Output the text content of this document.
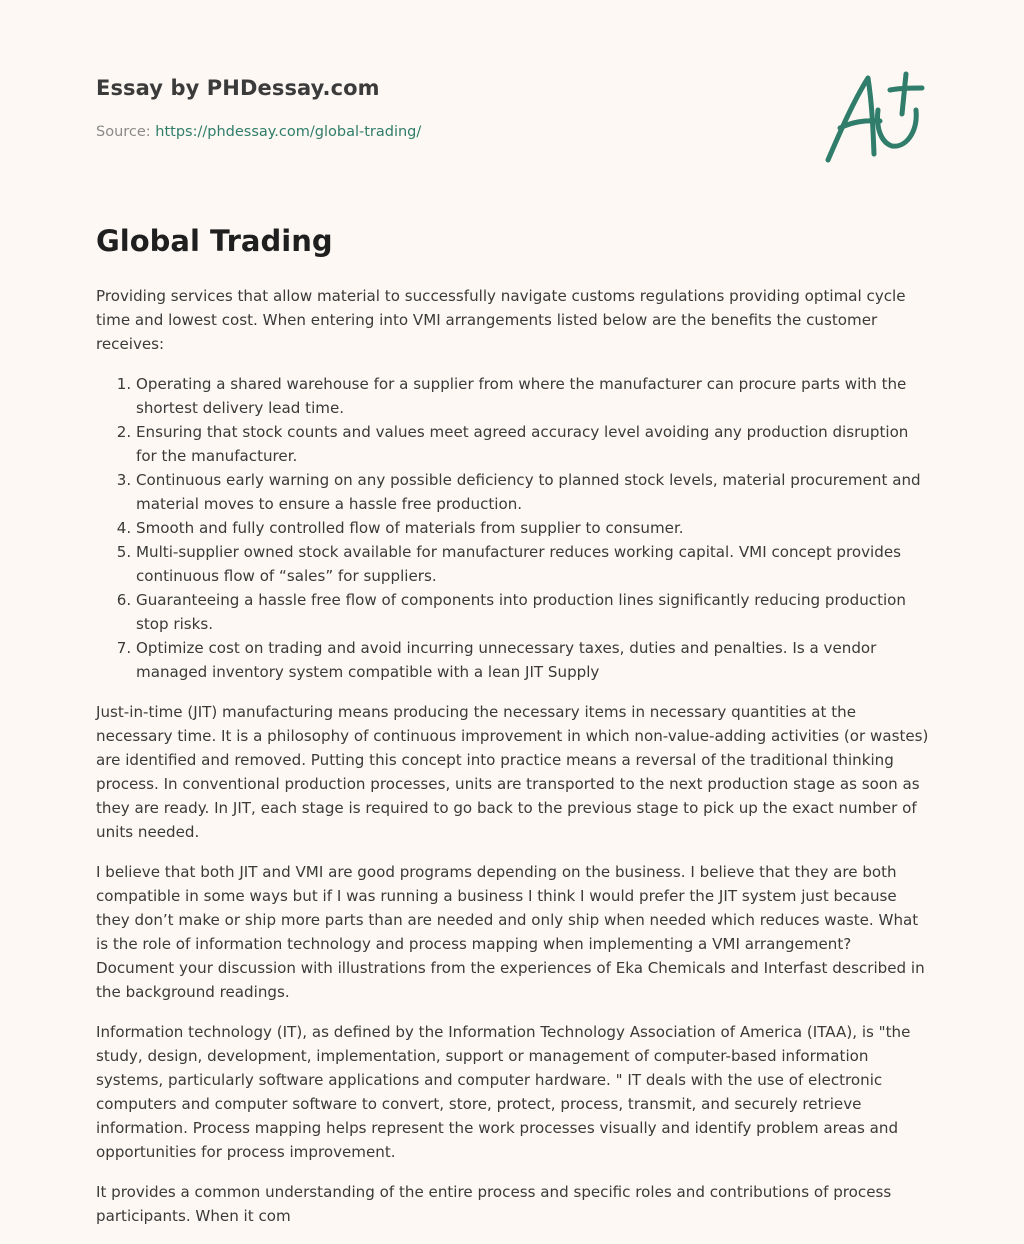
Essay by PHDessay.com
Source: https://phdessay.com/global-trading/
Global Trading

Providing services that allow material to successfully navigate customs regulations providing optimal cycle time and lowest cost. When entering into VMI arrangements listed below are the benefits the customer receives:

1. Operating a shared warehouse for a supplier from where the manufacturer can procure parts with the shortest delivery lead time.
2. Ensuring that stock counts and values meet agreed accuracy level avoiding any production disruption for the manufacturer.
3. Continuous early warning on any possible deficiency to planned stock levels, material procurement and material moves to ensure a hassle free production.
4. Smooth and fully controlled flow of materials from supplier to consumer.
5. Multi-supplier owned stock available for manufacturer reduces working capital. VMI concept provides continuous flow of “sales” for suppliers.
6. Guaranteeing a hassle free flow of components into production lines significantly reducing production stop risks.
7. Optimize cost on trading and avoid incurring unnecessary taxes, duties and penalties. Is a vendor managed inventory system compatible with a lean JIT Supply

Just-in-time (JIT) manufacturing means producing the necessary items in necessary quantities at the necessary time. It is a philosophy of continuous improvement in which non-value-adding activities (or wastes) are identified and removed. Putting this concept into practice means a reversal of the traditional thinking process. In conventional production processes, units are transported to the next production stage as soon as they are ready. In JIT, each stage is required to go back to the previous stage to pick up the exact number of units needed.

I believe that both JIT and VMI are good programs depending on the business. I believe that they are both compatible in some ways but if I was running a business I think I would prefer the JIT system just because they don’t make or ship more parts than are needed and only ship when needed which reduces waste. What is the role of information technology and process mapping when implementing a VMI arrangement? Document your discussion with illustrations from the experiences of Eka Chemicals and Interfast described in the background readings.

Information technology (IT), as defined by the Information Technology Association of America (ITAA), is "the study, design, development, implementation, support or management of computer-based information systems, particularly software applications and computer hardware. " IT deals with the use of electronic computers and computer software to convert, store, protect, process, transmit, and securely retrieve information. Process mapping helps represent the work processes visually and identify problem areas and opportunities for process improvement.

It provides a common understanding of the entire process and specific roles and contributions of process participants. When it com
